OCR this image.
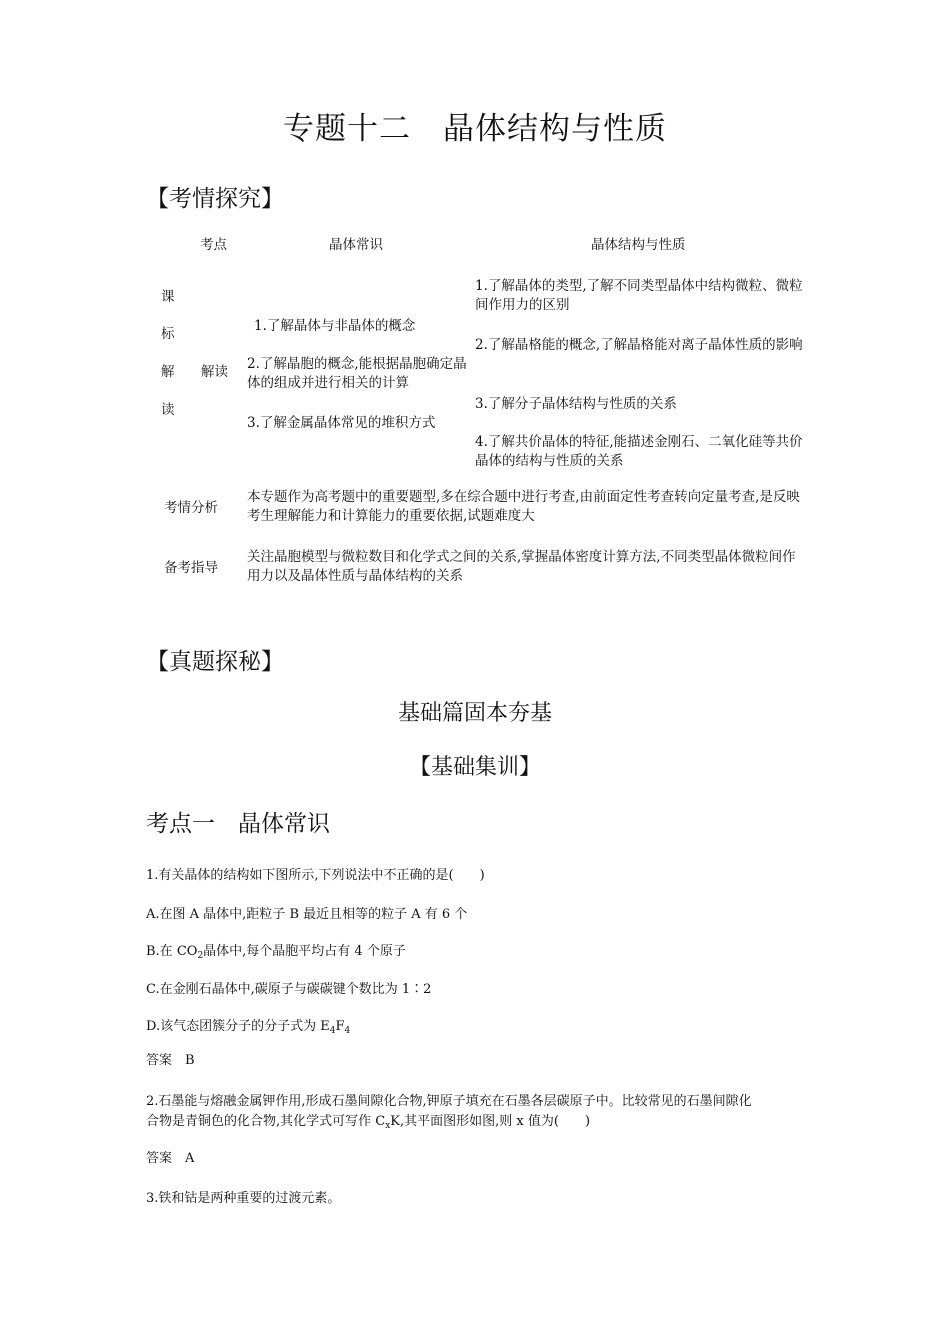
专题十二　晶体结构与性质
【考情探究】
考点	晶体常识	晶体结构与性质
课
标
解
读
解读
1.了解晶体与非晶体的概念
2.了解晶胞的概念,能根据晶胞确定晶体的组成并进行相关的计算
3.了解金属晶体常见的堆积方式
1.了解晶体的类型,了解不同类型晶体中结构微粒、微粒间作用力的区别
2.了解晶格能的概念,了解晶格能对离子晶体性质的影响
3.了解分子晶体结构与性质的关系
4.了解共价晶体的特征,能描述金刚石、二氧化硅等共价晶体的结构与性质的关系
考情分析
本专题作为高考题中的重要题型,多在综合题中进行考查,由前面定性考查转向定量考查,是反映考生理解能力和计算能力的重要依据,试题难度大
备考指导
关注晶胞模型与微粒数目和化学式之间的关系,掌握晶体密度计算方法,不同类型晶体微粒间作用力以及晶体性质与晶体结构的关系
【真题探秘】
基础篇固本夯基
【基础集训】
考点一　晶体常识
1.有关晶体的结构如下图所示,下列说法中不正确的是(　　)
A.在图 A 晶体中,距粒子 B 最近且相等的粒子 A 有 6 个
B.在 $CO_2$晶体中,每个晶胞平均占有 4 个原子
C.在金刚石晶体中,碳原子与碳碳键个数比为 1∶2
D.该气态团簇分子的分子式为 $E_4F_4$
答案　B
2.石墨能与熔融金属钾作用,形成石墨间隙化合物,钾原子填充在石墨各层碳原子中。比较常见的石墨间隙化
合物是青铜色的化合物,其化学式可写作 $C_xK$,其平面图形如图,则 x 值为(　　)
答案　A
3.铁和钴是两种重要的过渡元素。
